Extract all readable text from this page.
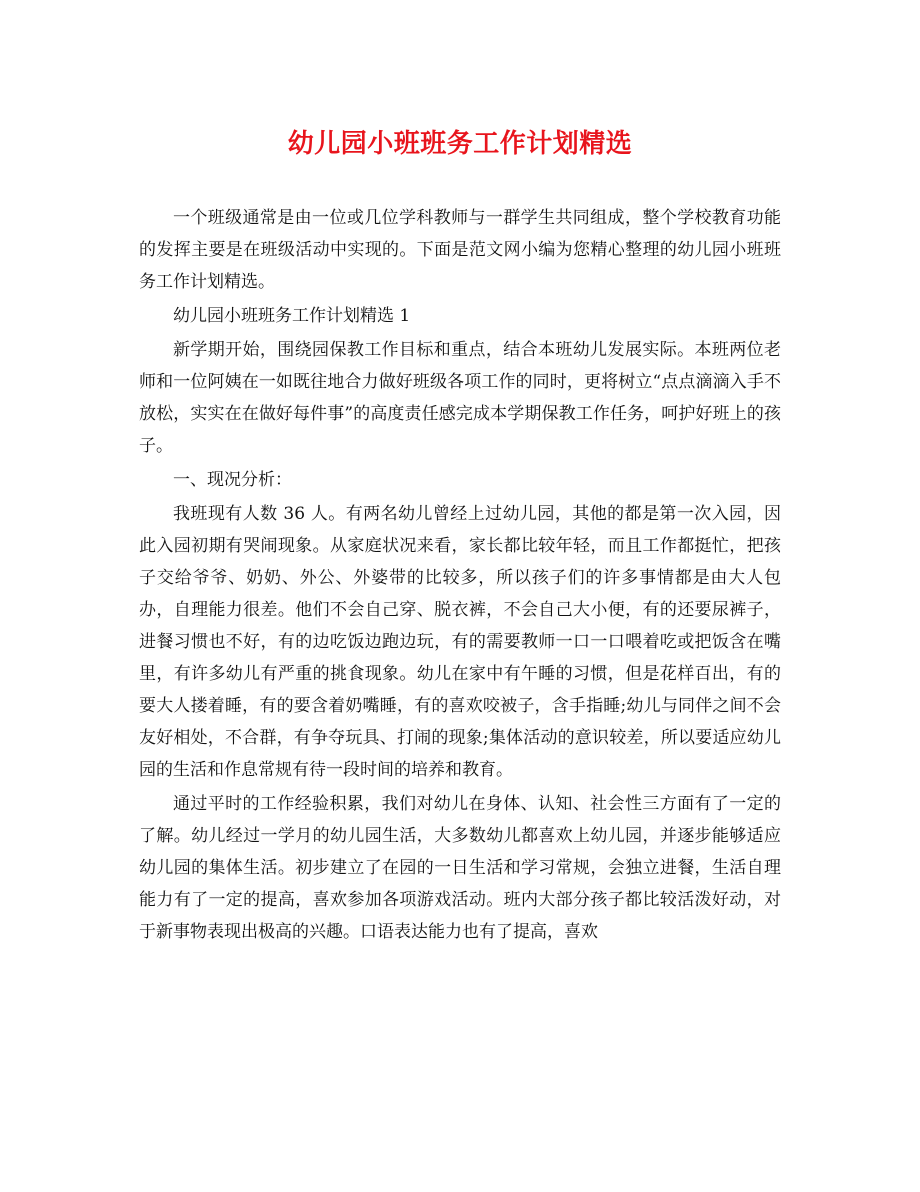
幼儿园小班班务工作计划精选

一个班级通常是由一位或几位学科教师与一群学生共同组成，整个学校教育功能的发挥主要是在班级活动中实现的。下面是范文网小编为您精心整理的幼儿园小班班务工作计划精选。

幼儿园小班班务工作计划精选 1

新学期开始，围绕园保教工作目标和重点，结合本班幼儿发展实际。本班两位老师和一位阿姨在一如既往地合力做好班级各项工作的同时，更将树立“点点滴滴入手不放松，实实在在做好每件事”的高度责任感完成本学期保教工作任务，呵护好班上的孩子。

一、现况分析：

我班现有人数 36 人。有两名幼儿曾经上过幼儿园，其他的都是第一次入园，因此入园初期有哭闹现象。从家庭状况来看，家长都比较年轻，而且工作都挺忙，把孩子交给爷爷、奶奶、外公、外婆带的比较多，所以孩子们的许多事情都是由大人包办，自理能力很差。他们不会自己穿、脱衣裤，不会自己大小便，有的还要尿裤子，进餐习惯也不好，有的边吃饭边跑边玩，有的需要教师一口一口喂着吃或把饭含在嘴里，有许多幼儿有严重的挑食现象。幼儿在家中有午睡的习惯，但是花样百出，有的要大人搂着睡，有的要含着奶嘴睡，有的喜欢咬被子，含手指睡;幼儿与同伴之间不会友好相处，不合群，有争夺玩具、打闹的现象;集体活动的意识较差，所以要适应幼儿园的生活和作息常规有待一段时间的培养和教育。

通过平时的工作经验积累，我们对幼儿在身体、认知、社会性三方面有了一定的了解。幼儿经过一学月的幼儿园生活，大多数幼儿都喜欢上幼儿园，并逐步能够适应幼儿园的集体生活。初步建立了在园的一日生活和学习常规，会独立进餐，生活自理能力有了一定的提高，喜欢参加各项游戏活动。班内大部分孩子都比较活泼好动，对于新事物表现出极高的兴趣。口语表达能力也有了提高，喜欢
